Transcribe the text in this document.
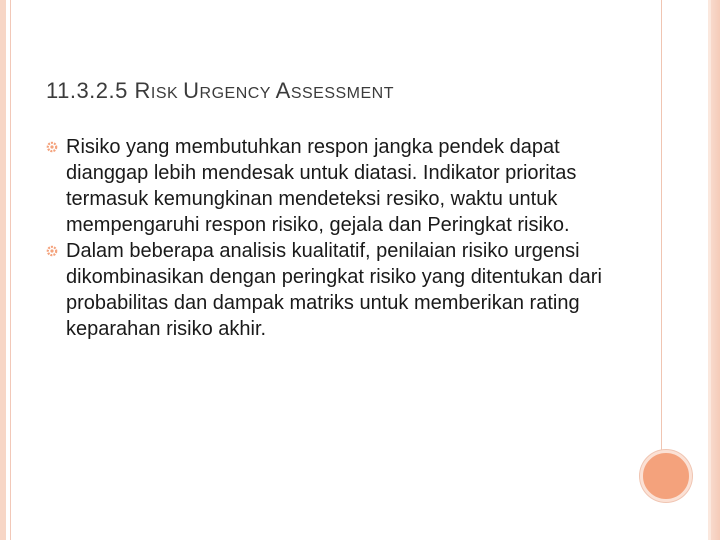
11.3.2.5 RISK URGENCY ASSESSMENT
Risiko yang membutuhkan respon jangka pendek dapat dianggap lebih mendesak untuk diatasi. Indikator prioritas termasuk kemungkinan mendeteksi resiko, waktu untuk mempengaruhi respon risiko, gejala dan Peringkat risiko.
Dalam beberapa analisis kualitatif, penilaian risiko urgensi dikombinasikan dengan peringkat risiko yang ditentukan dari probabilitas dan dampak matriks untuk memberikan rating keparahan risiko akhir.
